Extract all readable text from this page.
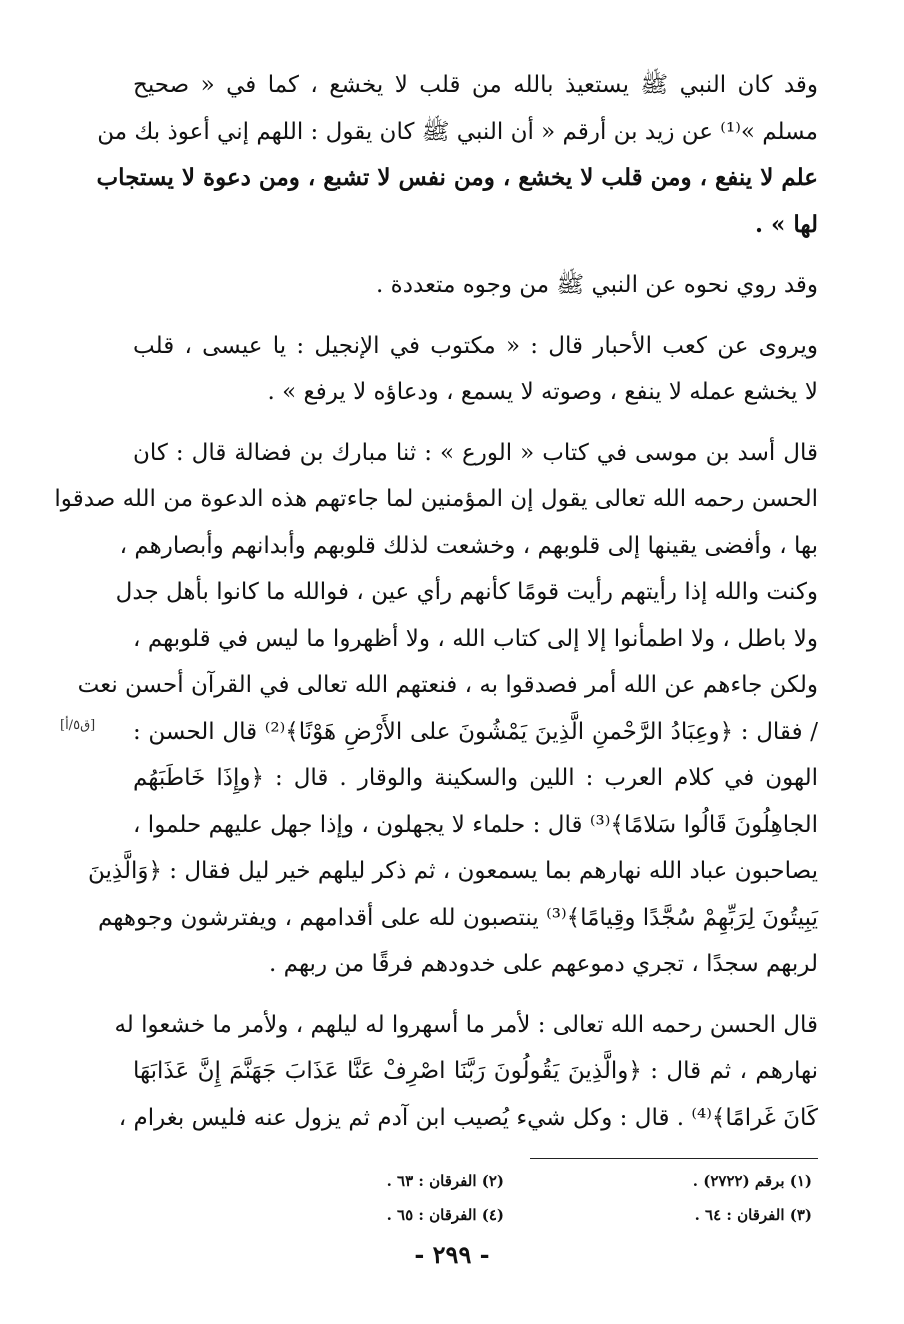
وقد كان النبي ﷺ يستعيذ بالله من قلب لا يخشع ، كما في « صحيح
مسلم »⁽¹⁾ عن زيد بن أرقم « أن النبي ﷺ كان يقول : اللهم إني أعوذ بك من
علم لا ينفع ، ومن قلب لا يخشع ، ومن نفس لا تشبع ، ومن دعوة لا يستجاب
لها » .
وقد روي نحوه عن النبي ﷺ من وجوه متعددة .
ويروى عن كعب الأحبار قال : « مكتوب في الإنجيل : يا عيسى ، قلب
لا يخشع عمله لا ينفع ، وصوته لا يسمع ، ودعاؤه لا يرفع » .
قال أسد بن موسى في كتاب « الورع » : ثنا مبارك بن فضالة قال : كان
الحسن رحمه الله تعالى يقول إن المؤمنين لما جاءتهم هذه الدعوة من الله صدقوا
بها ، وأفضى يقينها إلى قلوبهم ، وخشعت لذلك قلوبهم وأبدانهم وأبصارهم ،
وكنت والله إذا رأيتهم رأيت قومًا كأنهم رأي عين ، فوالله ما كانوا بأهل جدل
ولا باطل ، ولا اطمأنوا إلا إلى كتاب الله ، ولا أظهروا ما ليس في قلوبهم ،
ولكن جاءهم عن الله أمر فصدقوا به ، فنعتهم الله تعالى في القرآن أحسن نعت
/ فقال : ﴿وعِبَادُ الرَّحْمنِ الَّذِينَ يَمْشُونَ على الأَرْضِ هَوْنًا﴾⁽²⁾ قال الحسن :
الهون في كلام العرب : اللين والسكينة والوقار . قال : ﴿وإِذَا خَاطَبَهُم
الجاهِلُونَ قَالُوا سَلامًا﴾⁽³⁾ قال : حلماء لا يجهلون ، وإذا جهل عليهم حلموا ،
يصاحبون عباد الله نهارهم بما يسمعون ، ثم ذكر ليلهم خير ليل فقال : ﴿وَالَّذِينَ
يَبِيتُونَ لِرَبِّهِمْ سُجَّدًا وقِيامًا﴾⁽³⁾ ينتصبون لله على أقدامهم ، ويفترشون وجوههم
لربهم سجدًا ، تجري دموعهم على خدودهم فرقًا من ربهم .
قال الحسن رحمه الله تعالى : لأمر ما أسهروا له ليلهم ، ولأمر ما خشعوا له
نهارهم ، ثم قال : ﴿والَّذِينَ يَقُولُونَ رَبَّنَا اصْرِفْ عَنَّا عَذَابَ جَهَنَّمَ إِنَّ عَذَابَهَا
كَانَ غَرامًا﴾⁽⁴⁾ . قال : وكل شيء يُصيب ابن آدم ثم يزول عنه فليس بغرام ،
[ق٥/أ]
(١) برقم (٢٧٢٢) .
(٢) الفرقان : ٦٣ .
(٣) الفرقان : ٦٤ .
(٤) الفرقان : ٦٥ .
- ٢٩٩ -
